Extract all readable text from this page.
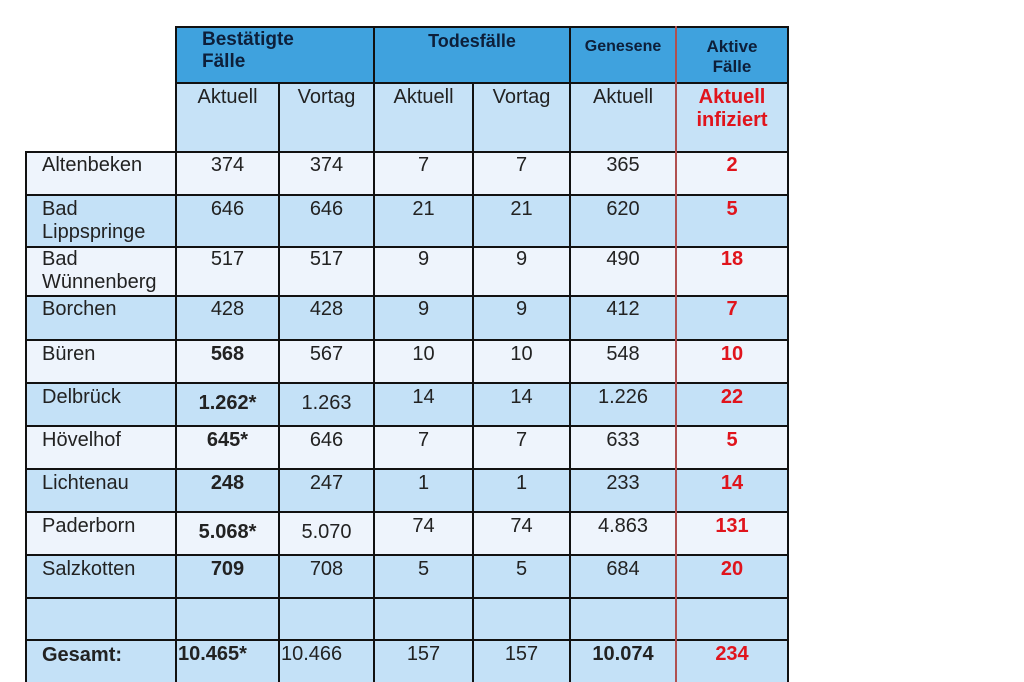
Bestätigte
Fälle
Todesfälle	Genesene	Aktive
Fälle
Aktuell	Vortag	Aktuell	Vortag	Aktuell	Aktuell
infiziert
Altenbeken	374	374	7	7	365	2
Bad
Lippspringe
646	646	21	21	620	5
Bad
Wünnenberg
517	517	9	9	490	18
Borchen	428	428	9	9	412	7
Büren	568	567	10	10	548	10
Delbrück	1.262*	1.263	14	14	1.226	22
Hövelhof	645*	646	7	7	633	5
Lichtenau	248	247	1	1	233	14
Paderborn	5.068*	5.070	74	74	4.863	131
Salzkotten	709	708	5	5	684	20
Gesamt:	10.465*	10.466	157	157	10.074	234
